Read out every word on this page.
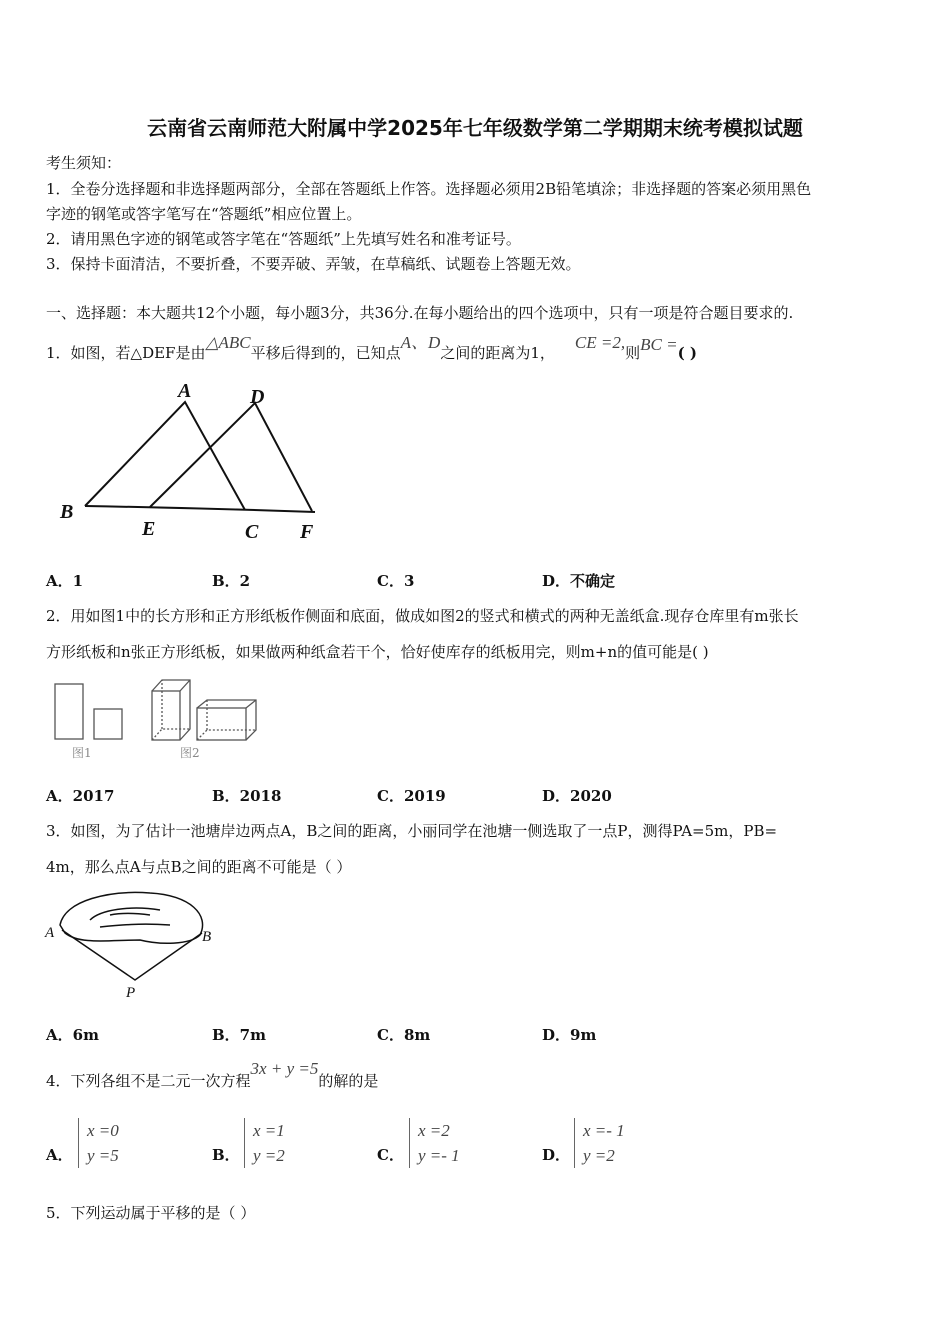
云南省云南师范大附属中学2025年七年级数学第二学期期末统考模拟试题
考生须知：
1．全卷分选择题和非选择题两部分，全部在答题纸上作答。选择题必须用2B铅笔填涂；非选择题的答案必须用黑色
字迹的钢笔或答字笔写在“答题纸”相应位置上。
2．请用黑色字迹的钢笔或答字笔在“答题纸”上先填写姓名和准考证号。
3．保持卡面清洁，不要折叠，不要弄破、弄皱，在草稿纸、试题卷上答题无效。
一、选择题：本大题共12个小题，每小题3分，共36分.在每小题给出的四个选项中，只有一项是符合题目要求的.
1．如图，若△DEF是由△ABC平移后得到的，已知点A、D之间的距离为1，CE =2,则BC =( )
A	D
B
E	C F
A．1	B．2	C．3	D．不确定
2．用如图1中的长方形和正方形纸板作侧面和底面，做成如图2的竖式和横式的两种无盖纸盒.现存仓库里有m张长
方形纸板和n张正方形纸板，如果做两种纸盒若干个，恰好使库存的纸板用完，则m+n的值可能是( )
图1	图2
A．2017	B．2018	C．2019	D．2020
3．如图，为了估计一池塘岸边两点A，B之间的距离，小丽同学在池塘一侧选取了一点P，测得PA=5m，PB=
4m，那么点A与点B之间的距离不可能是（ ）
A	B
P
A．6m	B．7m	C．8m	D．9m
4．下列各组不是二元一次方程3x + y =5的解的是
A．
x =0
y =5	B．
x =1
y =2	C．
x =2
y =- 1	D．
x =- 1
y =2
5．下列运动属于平移的是（ ）
